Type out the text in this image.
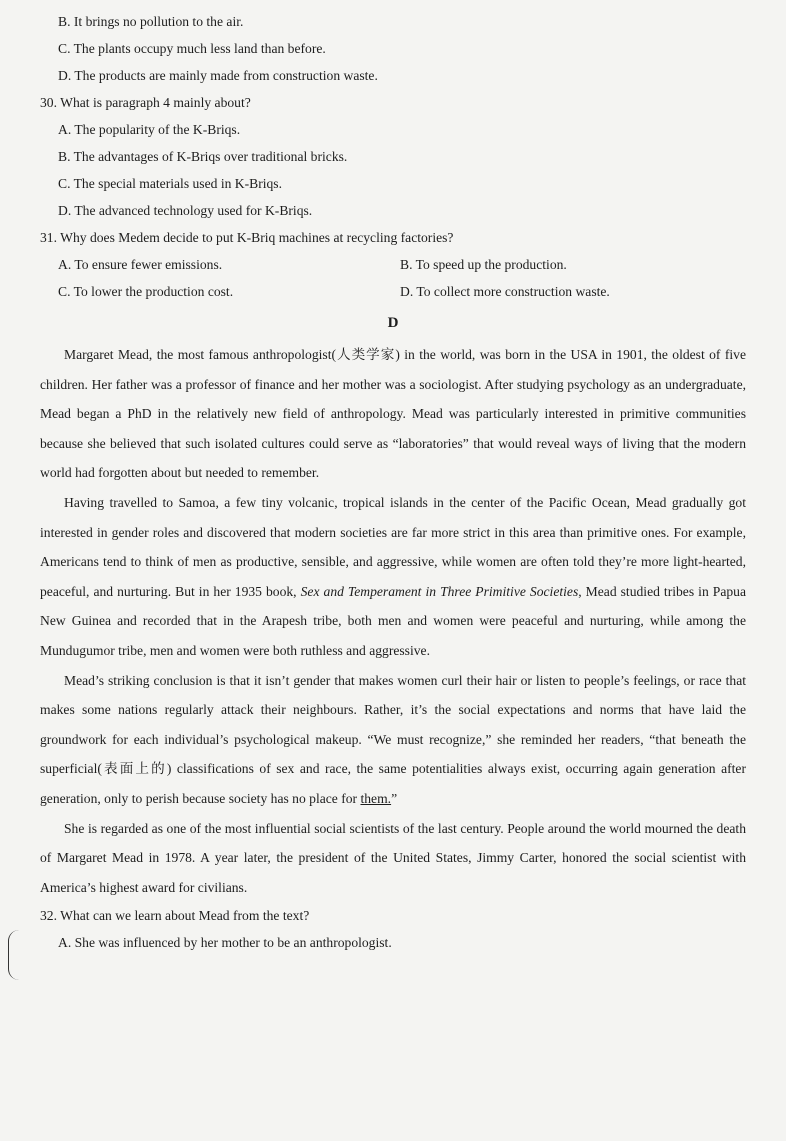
B. It brings no pollution to the air.
C. The plants occupy much less land than before.
D. The products are mainly made from construction waste.
30. What is paragraph 4 mainly about?
A. The popularity of the K-Briqs.
B. The advantages of K-Briqs over traditional bricks.
C. The special materials used in K-Briqs.
D. The advanced technology used for K-Briqs.
31. Why does Medem decide to put K-Briq machines at recycling factories?
A. To ensure fewer emissions.	B. To speed up the production.
C. To lower the production cost.	D. To collect more construction waste.
D

Margaret Mead, the most famous anthropologist(人类学家) in the world, was born in the USA in 1901, the oldest of five children. Her father was a professor of finance and her mother was a sociologist. After studying psychology as an undergraduate, Mead began a PhD in the relatively new field of anthropology. Mead was particularly interested in primitive communities because she believed that such isolated cultures could serve as “laboratories” that would reveal ways of living that the modern world had forgotten about but needed to remember.

Having travelled to Samoa, a few tiny volcanic, tropical islands in the center of the Pacific Ocean, Mead gradually got interested in gender roles and discovered that modern societies are far more strict in this area than primitive ones. For example, Americans tend to think of men as productive, sensible, and aggressive, while women are often told they’re more light-hearted, peaceful, and nurturing. But in her 1935 book, Sex and Temperament in Three Primitive Societies, Mead studied tribes in Papua New Guinea and recorded that in the Arapesh tribe, both men and women were peaceful and nurturing, while among the Mundugumor tribe, men and women were both ruthless and aggressive.

Mead’s striking conclusion is that it isn’t gender that makes women curl their hair or listen to people’s feelings, or race that makes some nations regularly attack their neighbours. Rather, it’s the social expectations and norms that have laid the groundwork for each individual’s psychological makeup. “We must recognize,” she reminded her readers, “that beneath the superficial(表面上的) classifications of sex and race, the same potentialities always exist, occurring again generation after generation, only to perish because society has no place for them.”

She is regarded as one of the most influential social scientists of the last century. People around the world mourned the death of Margaret Mead in 1978. A year later, the president of the United States, Jimmy Carter, honored the social scientist with America’s highest award for civilians.

32. What can we learn about Mead from the text?
A. She was influenced by her mother to be an anthropologist.
